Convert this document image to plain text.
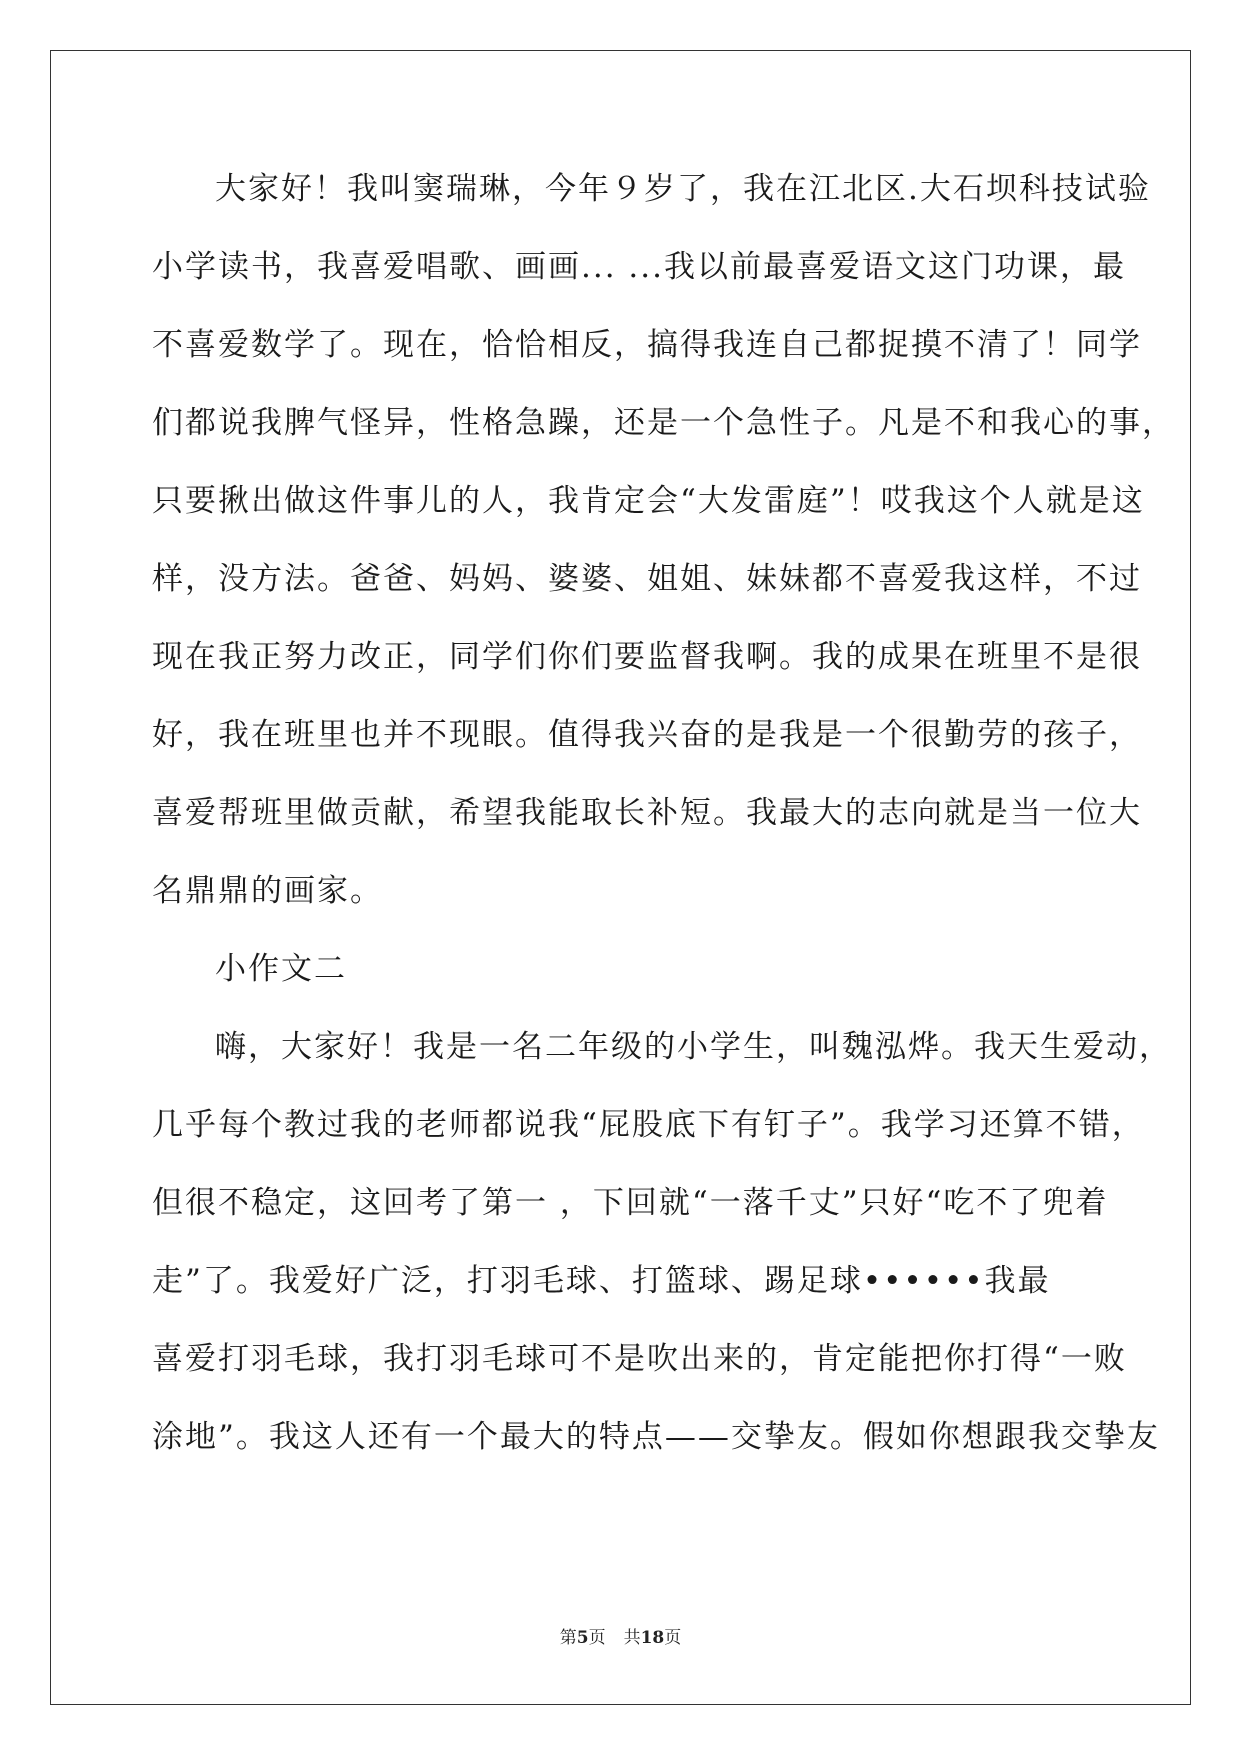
大家好！我叫窦瑞琳，今年９岁了，我在江北区.大石坝科技试验
小学读书，我喜爱唱歌、画画... ...我以前最喜爱语文这门功课，最
不喜爱数学了。现在，恰恰相反，搞得我连自己都捉摸不清了！同学
们都说我脾气怪异，性格急躁，还是一个急性子。凡是不和我心的事，
只要揪出做这件事儿的人，我肯定会“大发雷庭”！哎我这个人就是这
样，没方法。爸爸、妈妈、婆婆、姐姐、妹妹都不喜爱我这样，不过
现在我正努力改正，同学们你们要监督我啊。我的成果在班里不是很
好，我在班里也并不现眼。值得我兴奋的是我是一个很勤劳的孩子，
喜爱帮班里做贡献，希望我能取长补短。我最大的志向就是当一位大
名鼎鼎的画家。
小作文二
嗨，大家好！我是一名二年级的小学生，叫魏泓烨。我天生爱动，
几乎每个教过我的老师都说我“屁股底下有钉子”。我学习还算不错，
但很不稳定，这回考了第一 ，下回就“一落千丈”只好“吃不了兜着
走”了。我爱好广泛，打羽毛球、打篮球、踢足球••••••我最
喜爱打羽毛球，我打羽毛球可不是吹出来的，肯定能把你打得“一败
涂地”。我这人还有一个最大的特点——交挚友。假如你想跟我交挚友
第5页 共18页
